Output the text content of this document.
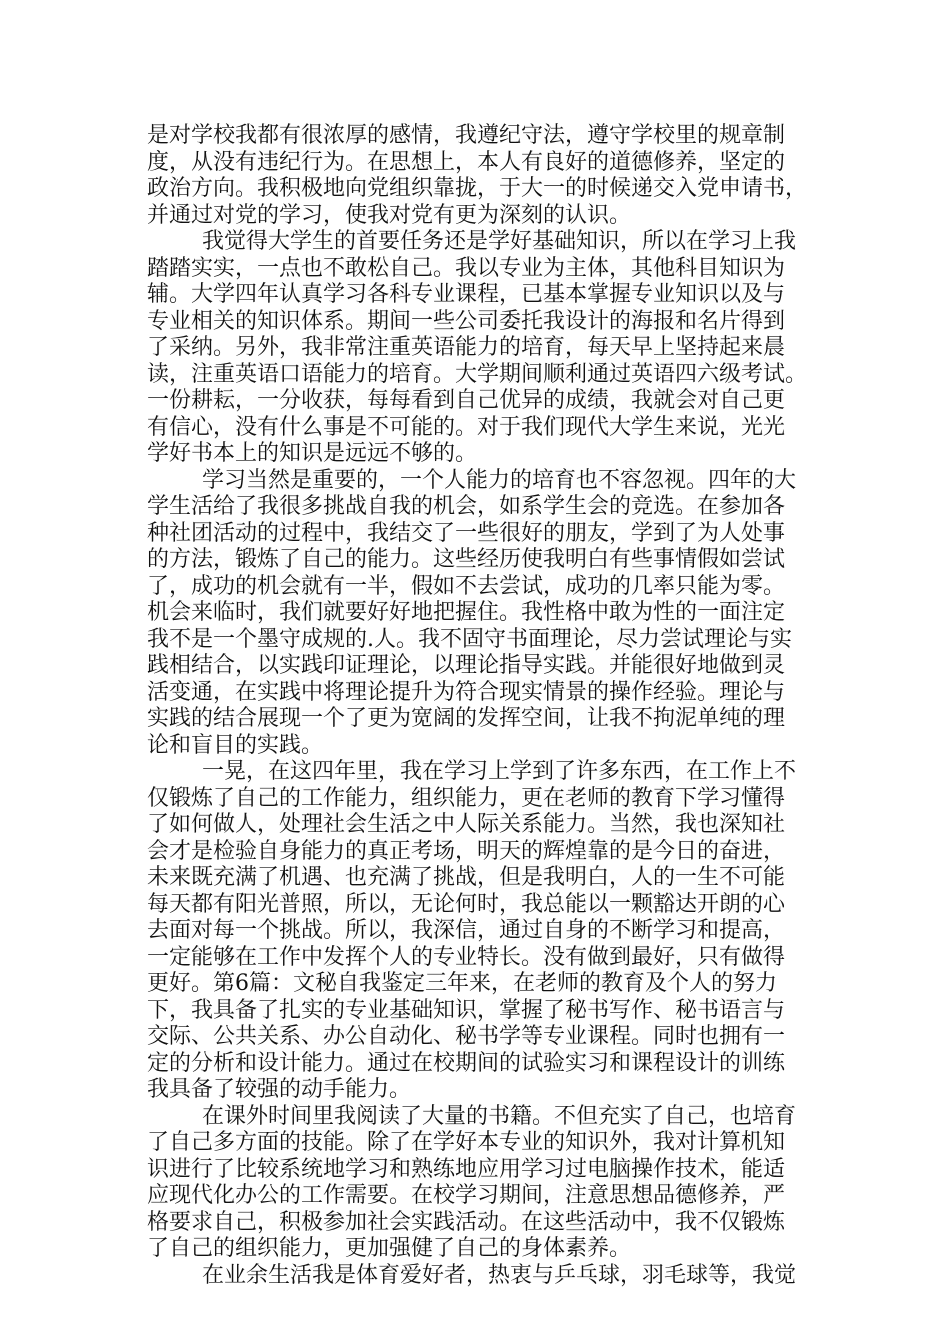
是对学校我都有很浓厚的感情，我遵纪守法，遵守学校里的规章制
度，从没有违纪行为。在思想上，本人有良好的道德修养，坚定的
政治方向。我积极地向党组织靠拢，于大一的时候递交入党申请书，
并通过对党的学习，使我对党有更为深刻的认识。
我觉得大学生的首要任务还是学好基础知识，所以在学习上我
踏踏实实，一点也不敢松自己。我以专业为主体，其他科目知识为
辅。大学四年认真学习各科专业课程，已基本掌握专业知识以及与
专业相关的知识体系。期间一些公司委托我设计的海报和名片得到
了采纳。另外，我非常注重英语能力的培育，每天早上坚持起来晨
读，注重英语口语能力的培育。大学期间顺利通过英语四六级考试。
一份耕耘，一分收获，每每看到自己优异的成绩，我就会对自己更
有信心，没有什么事是不可能的。对于我们现代大学生来说，光光
学好书本上的知识是远远不够的。
学习当然是重要的，一个人能力的培育也不容忽视。四年的大
学生活给了我很多挑战自我的机会，如系学生会的竞选。在参加各
种社团活动的过程中，我结交了一些很好的朋友，学到了为人处事
的方法，锻炼了自己的能力。这些经历使我明白有些事情假如尝试
了，成功的机会就有一半，假如不去尝试，成功的几率只能为零。
机会来临时，我们就要好好地把握住。我性格中敢为性的一面注定
我不是一个墨守成规的.人。我不固守书面理论，尽力尝试理论与实
践相结合，以实践印证理论，以理论指导实践。并能很好地做到灵
活变通，在实践中将理论提升为符合现实情景的操作经验。理论与
实践的结合展现一个了更为宽阔的发挥空间，让我不拘泥单纯的理
论和盲目的实践。
一晃，在这四年里，我在学习上学到了许多东西，在工作上不
仅锻炼了自己的工作能力，组织能力，更在老师的教育下学习懂得
了如何做人，处理社会生活之中人际关系能力。当然，我也深知社
会才是检验自身能力的真正考场，明天的辉煌靠的是今日的奋进，
未来既充满了机遇、也充满了挑战，但是我明白，人的一生不可能
每天都有阳光普照，所以，无论何时，我总能以一颗豁达开朗的心
去面对每一个挑战。所以，我深信，通过自身的不断学习和提高，
一定能够在工作中发挥个人的专业特长。没有做到最好，只有做得
更好。第6篇：文秘自我鉴定三年来，在老师的教育及个人的努力
下，我具备了扎实的专业基础知识，掌握了秘书写作、秘书语言与
交际、公共关系、办公自动化、秘书学等专业课程。同时也拥有一
定的分析和设计能力。通过在校期间的试验实习和课程设计的训练
我具备了较强的动手能力。
在课外时间里我阅读了大量的书籍。不但充实了自己，也培育
了自己多方面的技能。除了在学好本专业的知识外，我对计算机知
识进行了比较系统地学习和熟练地应用学习过电脑操作技术，能适
应现代化办公的工作需要。在校学习期间，注意思想品德修养，严
格要求自己，积极参加社会实践活动。在这些活动中，我不仅锻炼
了自己的组织能力，更加强健了自己的身体素养。
在业余生活我是体育爱好者，热衷与乒乓球，羽毛球等，我觉
